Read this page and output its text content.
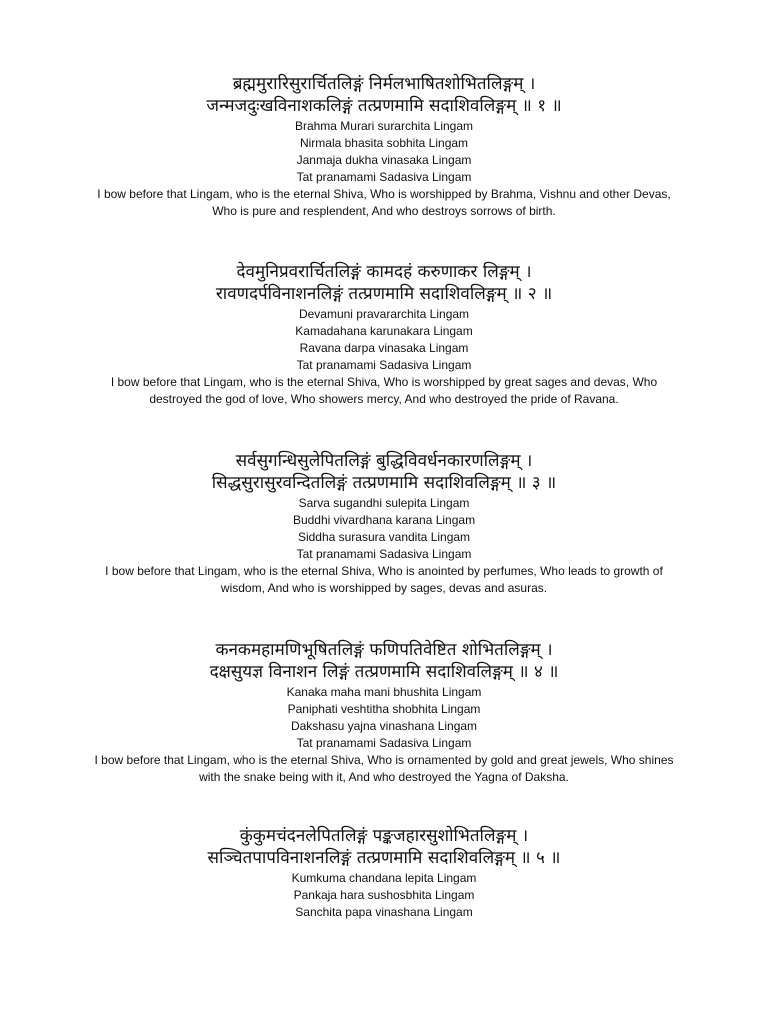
ब्रह्ममुरारिसुरार्चितलिङ्गं निर्मलभाषितशोभितलिङ्गम् ।
जन्मजदुःखविनाशकलिङ्गं तत्प्रणमामि सदाशिवलिङ्गम् ॥ १ ॥
Brahma Murari surarchita Lingam
Nirmala bhasita sobhita Lingam
Janmaja dukha vinasaka Lingam
Tat pranamami Sadasiva Lingam
I bow before that Lingam, who is the eternal Shiva, Who is worshipped by Brahma, Vishnu and other Devas, Who is pure and resplendent, And who destroys sorrows of birth.
देवमुनिप्रवरार्चितलिङ्गं कामदहं करुणाकर लिङ्गम् ।
रावणदर्पविनाशनलिङ्गं तत्प्रणमामि सदाशिवलिङ्गम् ॥ २ ॥
Devamuni pravararchita Lingam
Kamadahana karunakara Lingam
Ravana darpa vinasaka Lingam
Tat pranamami Sadasiva Lingam
I bow before that Lingam, who is the eternal Shiva, Who is worshipped by great sages and devas, Who destroyed the god of love, Who showers mercy, And who destroyed the pride of Ravana.
सर्वसुगन्धिसुलेपितलिङ्गं बुद्धिविवर्धनकारणलिङ्गम् ।
सिद्धसुरासुरवन्दितलिङ्गं तत्प्रणमामि सदाशिवलिङ्गम् ॥ ३ ॥
Sarva sugandhi sulepita Lingam
Buddhi vivardhana karana Lingam
Siddha surasura vandita Lingam
Tat pranamami Sadasiva Lingam
I bow before that Lingam, who is the eternal Shiva, Who is anointed by perfumes, Who leads to growth of wisdom, And who is worshipped by sages, devas and asuras.
कनकमहामणिभूषितलिङ्गं फणिपतिवेष्टित शोभितलिङ्गम् ।
दक्षसुयज्ञ विनाशन लिङ्गं तत्प्रणमामि सदाशिवलिङ्गम् ॥ ४ ॥
Kanaka maha mani bhushita Lingam
Paniphati veshtitha shobhita Lingam
Dakshasu yajna vinashana Lingam
Tat pranamami Sadasiva Lingam
I bow before that Lingam, who is the eternal Shiva, Who is ornamented by gold and great jewels, Who shines with the snake being with it, And who destroyed the Yagna of Daksha.
कुंकुमचंदनलेपितलिङ्गं पङ्कजहारसुशोभितलिङ्गम् ।
सञ्चितपापविनाशनलिङ्गं तत्प्रणमामि सदाशिवलिङ्गम् ॥ ५ ॥
Kumkuma chandana lepita Lingam
Pankaja hara sushosbhita Lingam
Sanchita papa vinashana Lingam
